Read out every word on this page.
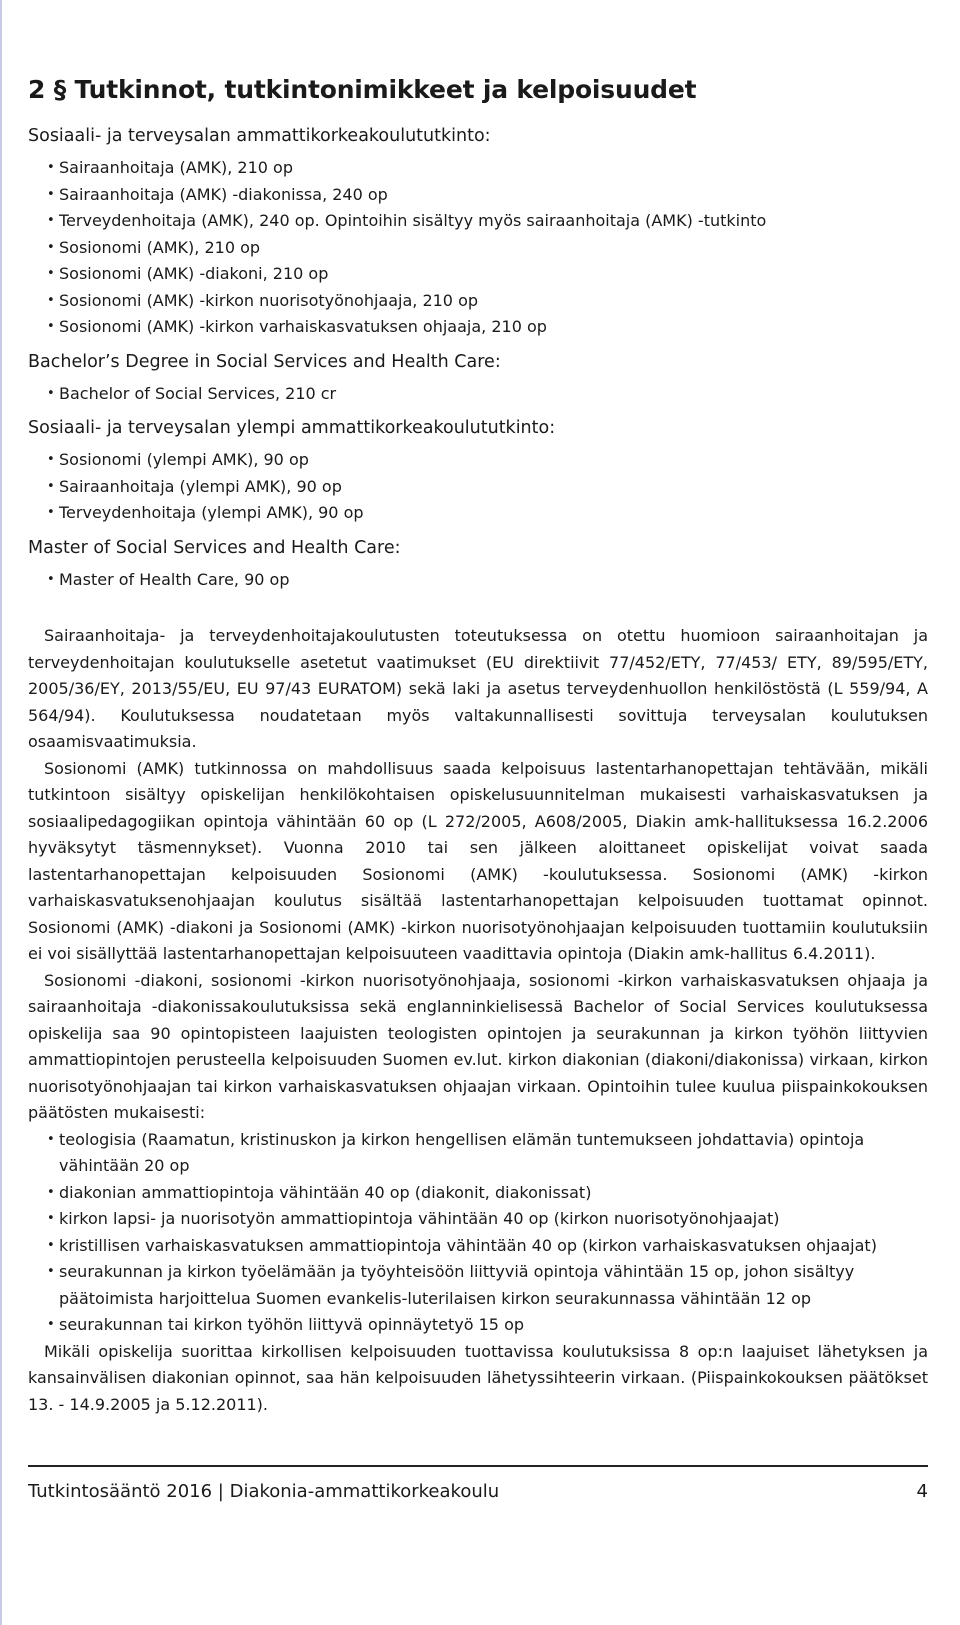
2 § Tutkinnot, tutkintonimikkeet ja kelpoisuudet
Sosiaali- ja terveysalan ammattikorkeakoulututkinto:
• Sairaanhoitaja (AMK), 210 op
• Sairaanhoitaja (AMK) -diakonissa, 240 op
• Terveydenhoitaja (AMK), 240 op. Opintoihin sisältyy myös sairaanhoitaja (AMK) -tutkinto
• Sosionomi (AMK), 210 op
• Sosionomi (AMK) -diakoni, 210 op
• Sosionomi (AMK) -kirkon nuorisotyönohjaaja, 210 op
• Sosionomi (AMK) -kirkon varhaiskasvatuksen ohjaaja, 210 op
Bachelor’s Degree in Social Services and Health Care:
• Bachelor of Social Services, 210 cr
Sosiaali- ja terveysalan ylempi ammattikorkeakoulututkinto:
• Sosionomi (ylempi AMK), 90 op
• Sairaanhoitaja (ylempi AMK), 90 op
• Terveydenhoitaja (ylempi AMK), 90 op
Master of Social Services and Health Care:
• Master of Health Care, 90 op

Sairaanhoitaja- ja terveydenhoitajakoulutusten toteutuksessa on otettu huomioon sairaanhoitajan ja terveydenhoitajan koulutukselle asetetut vaatimukset (EU direktiivit 77/452/ETY, 77/453/ ETY, 89/595/ETY, 2005/36/EY, 2013/55/EU, EU 97/43 EURATOM) sekä laki ja asetus terveydenhuollon henkilöstöstä (L 559/94, A 564/94). Koulutuksessa noudatetaan myös valtakunnallisesti sovittuja terveysalan koulutuksen osaamisvaatimuksia.

Sosionomi (AMK) tutkinnossa on mahdollisuus saada kelpoisuus lastentarhanopettajan tehtävään, mikäli tutkintoon sisältyy opiskelijan henkilökohtaisen opiskelusuunnitelman mukaisesti varhaiskasvatuksen ja sosiaalipedagogiikan opintoja vähintään 60 op (L 272/2005, A608/2005, Diakin amk-hallituksessa 16.2.2006 hyväksytyt täsmennykset). Vuonna 2010 tai sen jälkeen aloittaneet opiskelijat voivat saada lastentarhanopettajan kelpoisuuden Sosionomi (AMK) -koulutuksessa. Sosionomi (AMK) -kirkon varhaiskasvatuksenohjaajan koulutus sisältää lastentarhanopettajan kelpoisuuden tuottamat opinnot. Sosionomi (AMK) -diakoni ja Sosionomi (AMK) -kirkon nuorisotyönohjaajan kelpoisuuden tuottamiin koulutuksiin ei voi sisällyttää lastentarhanopettajan kelpoisuuteen vaadittavia opintoja (Diakin amk-hallitus 6.4.2011).

Sosionomi -diakoni, sosionomi -kirkon nuorisotyönohjaaja, sosionomi -kirkon varhaiskasvatuksen ohjaaja ja sairaanhoitaja -diakonissakoulutuksissa sekä englanninkielisessä Bachelor of Social Services koulutuksessa opiskelija saa 90 opintopisteen laajuisten teologisten opintojen ja seurakunnan ja kirkon työhön liittyvien ammattiopintojen perusteella kelpoisuuden Suomen ev.lut. kirkon diakonian (diakoni/diakonissa) virkaan, kirkon nuorisotyönohjaajan tai kirkon varhaiskasvatuksen ohjaajan virkaan. Opintoihin tulee kuulua piispainkokouksen päätösten mukaisesti:

• teologisia (Raamatun, kristinuskon ja kirkon hengellisen elämän tuntemukseen johdattavia) opintoja vähintään 20 op
• diakonian ammattiopintoja vähintään 40 op (diakonit, diakonissat)
• kirkon lapsi- ja nuorisotyön ammattiopintoja vähintään 40 op (kirkon nuorisotyönohjaajat)
• kristillisen varhaiskasvatuksen ammattiopintoja vähintään 40 op (kirkon varhaiskasvatuksen ohjaajat)
• seurakunnan ja kirkon työelämään ja työyhteisöön liittyviä opintoja vähintään 15 op, johon sisältyy päätoimista harjoittelua Suomen evankelis-luterilaisen kirkon seurakunnassa vähintään 12 op
• seurakunnan tai kirkon työhön liittyvä opinnäytetyö 15 op

Mikäli opiskelija suorittaa kirkollisen kelpoisuuden tuottavissa koulutuksissa 8 op:n laajuiset lähetyksen ja kansainvälisen diakonian opinnot, saa hän kelpoisuuden lähetyssihteerin virkaan. (Piispainkokouksen päätökset 13. - 14.9.2005 ja 5.12.2011).

Tutkintosääntö 2016 | Diakonia-ammattikorkeakoulu	4
